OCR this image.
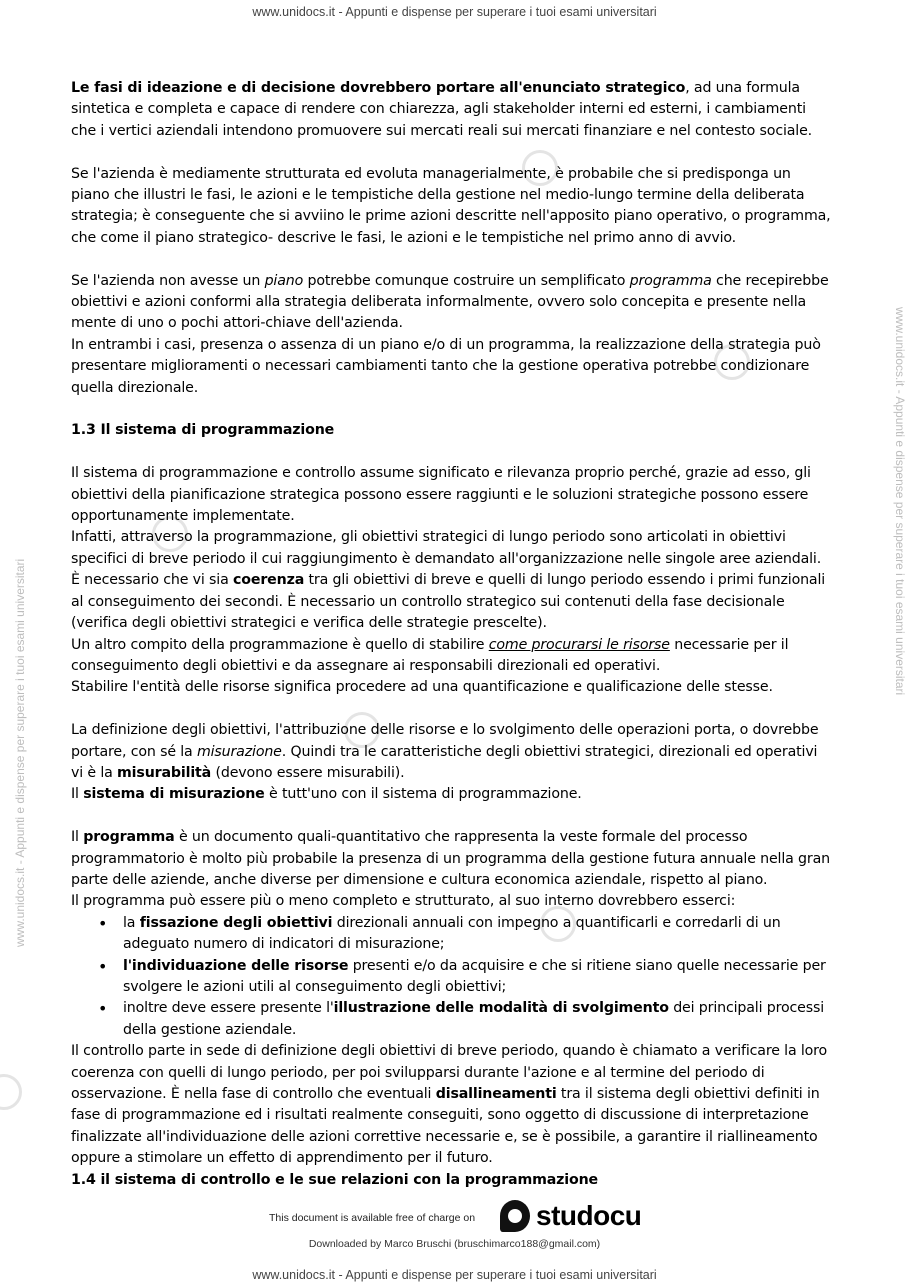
www.unidocs.it - Appunti e dispense per superare i tuoi esami universitari
www.unidocs.it - Appunti e dispense per superare i tuoi esami universitari
www.unidocs.it - Appunti e dispense per superare i tuoi esami universitari

Le fasi di ideazione e di decisione dovrebbero portare all'enunciato strategico, ad una formula sintetica e completa e capace di rendere con chiarezza, agli stakeholder interni ed esterni, i cambiamenti che i vertici aziendali intendono promuovere sui mercati reali sui mercati finanziare e nel contesto sociale.

Se l'azienda è mediamente strutturata ed evoluta managerialmente, è probabile che si predisponga un piano che illustri le fasi, le azioni e le tempistiche della gestione nel medio-lungo termine della deliberata strategia; è conseguente che si avviino le prime azioni descritte nell'apposito piano operativo, o programma, che come il piano strategico- descrive le fasi, le azioni e le tempistiche nel primo anno di avvio.

Se l'azienda non avesse un piano potrebbe comunque costruire un semplificato programma che recepirebbe obiettivi e azioni conformi alla strategia deliberata informalmente, ovvero solo concepita e presente nella mente di uno o pochi attori-chiave dell'azienda.

In entrambi i casi, presenza o assenza di un piano e/o di un programma, la realizzazione della strategia può presentare miglioramenti o necessari cambiamenti tanto che la gestione operativa potrebbe condizionare quella direzionale.

1.3 Il sistema di programmazione

Il sistema di programmazione e controllo assume significato e rilevanza proprio perché, grazie ad esso, gli obiettivi della pianificazione strategica possono essere raggiunti e le soluzioni strategiche possono essere opportunamente implementate.

Infatti, attraverso la programmazione, gli obiettivi strategici di lungo periodo sono articolati in obiettivi specifici di breve periodo il cui raggiungimento è demandato all'organizzazione nelle singole aree aziendali.

È necessario che vi sia coerenza tra gli obiettivi di breve e quelli di lungo periodo essendo i primi funzionali al conseguimento dei secondi. È necessario un controllo strategico sui contenuti della fase decisionale (verifica degli obiettivi strategici e verifica delle strategie prescelte).

Un altro compito della programmazione è quello di stabilire come procurarsi le risorse necessarie per il conseguimento degli obiettivi e da assegnare ai responsabili direzionali ed operativi.

Stabilire l'entità delle risorse significa procedere ad una quantificazione e qualificazione delle stesse.

La definizione degli obiettivi, l'attribuzione delle risorse e lo svolgimento delle operazioni porta, o dovrebbe portare, con sé la misurazione. Quindi tra le caratteristiche degli obiettivi strategici, direzionali ed operativi vi è la misurabilità (devono essere misurabili).

Il sistema di misurazione è tutt'uno con il sistema di programmazione.

Il programma è un documento quali-quantitativo che rappresenta la veste formale del processo programmatorio è molto più probabile la presenza di un programma della gestione futura annuale nella gran parte delle aziende, anche diverse per dimensione e cultura economica aziendale, rispetto al piano.

Il programma può essere più o meno completo e strutturato, al suo interno dovrebbero esserci:

• la fissazione degli obiettivi direzionali annuali con impegno a quantificarli e corredarli di un adeguato numero di indicatori di misurazione;
• l'individuazione delle risorse presenti e/o da acquisire e che si ritiene siano quelle necessarie per svolgere le azioni utili al conseguimento degli obiettivi;
• inoltre deve essere presente l'illustrazione delle modalità di svolgimento dei principali processi della gestione aziendale.

Il controllo parte in sede di definizione degli obiettivi di breve periodo, quando è chiamato a verificare la loro coerenza con quelli di lungo periodo, per poi svilupparsi durante l'azione e al termine del periodo di osservazione. È nella fase di controllo che eventuali disallineamenti tra il sistema degli obiettivi definiti in fase di programmazione ed i risultati realmente conseguiti, sono oggetto di discussione di interpretazione finalizzate all'individuazione delle azioni correttive necessarie e, se è possibile, a garantire il riallineamento oppure a stimolare un effetto di apprendimento per il futuro.

1.4 il sistema di controllo e le sue relazioni con la programmazione

This document is available free of charge on studocu
Downloaded by Marco Bruschi (bruschimarco188@gmail.com)
www.unidocs.it - Appunti e dispense per superare i tuoi esami universitari
